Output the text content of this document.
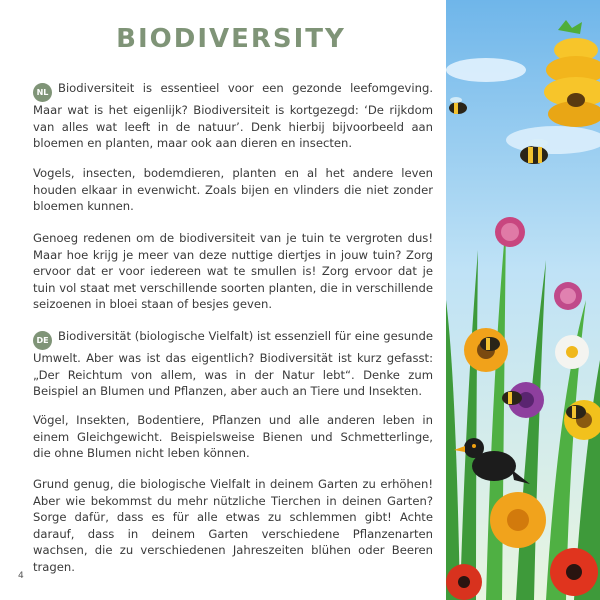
BIODIVERSITY

NL Biodiversiteit is essentieel voor een gezonde leefomgeving. Maar wat is het eigenlijk? Biodiversiteit is kortgezegd: ‘De rijkdom van alles wat leeft in de natuur’. Denk hierbij bijvoorbeeld aan bloemen en planten, maar ook aan dieren en insecten.

Vogels, insecten, bodemdieren, planten en al het andere leven houden elkaar in evenwicht. Zoals bijen en vlinders die niet zonder bloemen kunnen.

Genoeg redenen om de biodiversiteit van je tuin te vergroten dus! Maar hoe krijg je meer van deze nuttige diertjes in jouw tuin? Zorg ervoor dat er voor iedereen wat te smullen is! Zorg ervoor dat je tuin vol staat met verschillende soorten planten, die in verschillende seizoenen in bloei staan of besjes geven.

DE Biodiversität (biologische Vielfalt) ist essenziell für eine gesunde Umwelt. Aber was ist das eigentlich? Biodiversität ist kurz gefasst: „Der Reichtum von allem, was in der Natur lebt“. Denke zum Beispiel an Blumen und Pflanzen, aber auch an Tiere und Insekten.

Vögel, Insekten, Bodentiere, Pflanzen und alle anderen leben in einem Gleichgewicht. Beispielsweise Bienen und Schmetterlinge, die ohne Blumen nicht leben können.

Grund genug, die biologische Vielfalt in deinem Garten zu erhöhen! Aber wie bekommst du mehr nützliche Tierchen in deinen Garten? Sorge dafür, dass es für alle etwas zu schlemmen gibt! Achte darauf, dass in deinem Garten verschiedene Pflanzenarten wachsen, die zu verschiedenen Jahreszeiten blühen oder Beeren tragen.

4
